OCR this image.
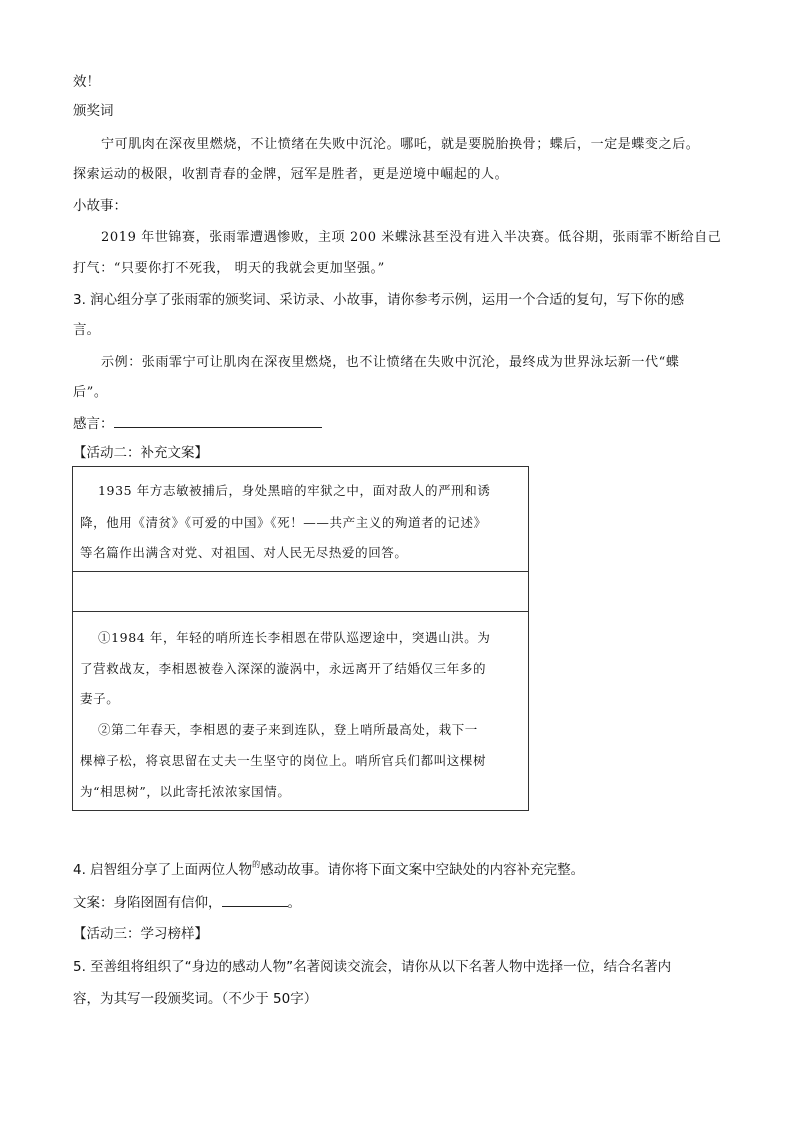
效！
颁奖词
宁可肌肉在深夜里燃烧，不让愤绪在失败中沉沦。哪吒，就是要脱胎换骨；蝶后，一定是蝶变之后。
探索运动的极限，收割青春的金牌，冠军是胜者，更是逆境中崛起的人。
小故事：
2019 年世锦赛，张雨霏遭遇惨败，主项 200 米蝶泳甚至没有进入半决赛。低谷期，张雨霏不断给自己
打气：“只要你打不死我， 明天的我就会更加坚强。”
3. 润心组分享了张雨霏的颁奖词、采访录、小故事，请你参考示例，运用一个合适的复句，写下你的感
言。
示例：张雨霏宁可让肌肉在深夜里燃烧，也不让愤绪在失败中沉沦，最终成为世界泳坛新一代“蝶
后”。
感言：
【活动二：补充文案】
1935 年方志敏被捕后，身处黑暗的牢狱之中，面对敌人的严刑和诱
降，他用《清贫》《可爱的中国》《死！——共产主义的殉道者的记述》
等名篇作出满含对党、对祖国、对人民无尽热爱的回答。
①1984 年，年轻的哨所连长李相恩在带队巡逻途中，突遇山洪。为
了营救战友，李相恩被卷入深深的漩涡中，永远离开了结婚仅三年多的
妻子。
②第二年春天，李相恩的妻子来到连队，登上哨所最高处，栽下一
棵樟子松，将哀思留在丈夫一生坚守的岗位上。哨所官兵们都叫这棵树
为“相思树”，以此寄托浓浓家国情。
4. 启智组分享了上面两位人物$^的$感动故事。请你将下面文案中空缺处的内容补充完整。
文案：身陷囹圄有信仰，	。
【活动三：学习榜样】
5. 至善组将组织了“身边的感动人物”名著阅读交流会，请你从以下名著人物中选择一位，结合名著内
容，为其写一段颁奖词。（不少于 50字）
